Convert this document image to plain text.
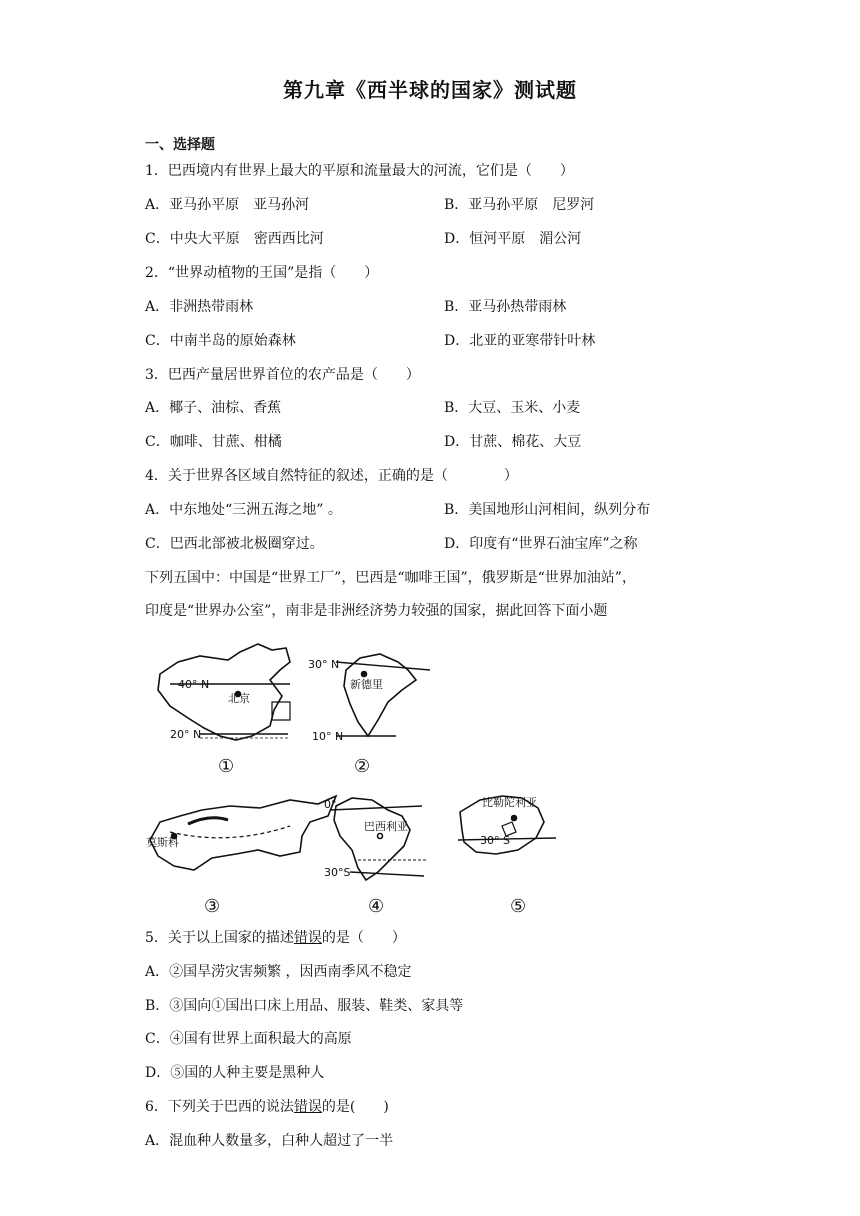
第九章《西半球的国家》测试题
一、选择题
1．巴西境内有世界上最大的平原和流量最大的河流，它们是（　　）
A．亚马孙平原　亚马孙河	B．亚马孙平原　尼罗河
C．中央大平原　密西西比河	D．恒河平原　湄公河
2．“世界动植物的王国”是指（　　）
A．非洲热带雨林	B．亚马孙热带雨林
C．中南半岛的原始森林	D．北亚的亚寒带针叶林
3．巴西产量居世界首位的农产品是（　　）
A．椰子、油棕、香蕉	B．大豆、玉米、小麦
C．咖啡、甘蔗、柑橘	D．甘蔗、棉花、大豆
4．关于世界各区域自然特征的叙述，正确的是（　　　　）
A．中东地处“三洲五海之地” 。	B．美国地形山河相间，纵列分布
C．巴西北部被北极圈穿过。	D．印度有“世界石油宝库”之称
下列五国中：中国是“世界工厂”，巴西是“咖啡王国”，俄罗斯是“世界加油站”，
印度是“世界办公室”，南非是非洲经济势力较强的国家，据此回答下面小题
40° N
北京
20° N
①
30° N
新德里
10° N
②
莫斯科
③
0°
巴西利亚
30°S
④
比勒陀利亚
30° S
⑤
5．关于以上国家的描述错误的是（　　）
A．②国旱涝灾害频繁 ，因西南季风不稳定
B．③国向①国出口床上用品、服装、鞋类、家具等
C．④国有世界上面积最大的高原
D．⑤国的人种主要是黑种人
6．下列关于巴西的说法错误的是(　　)
A．混血种人数量多，白种人超过了一半
